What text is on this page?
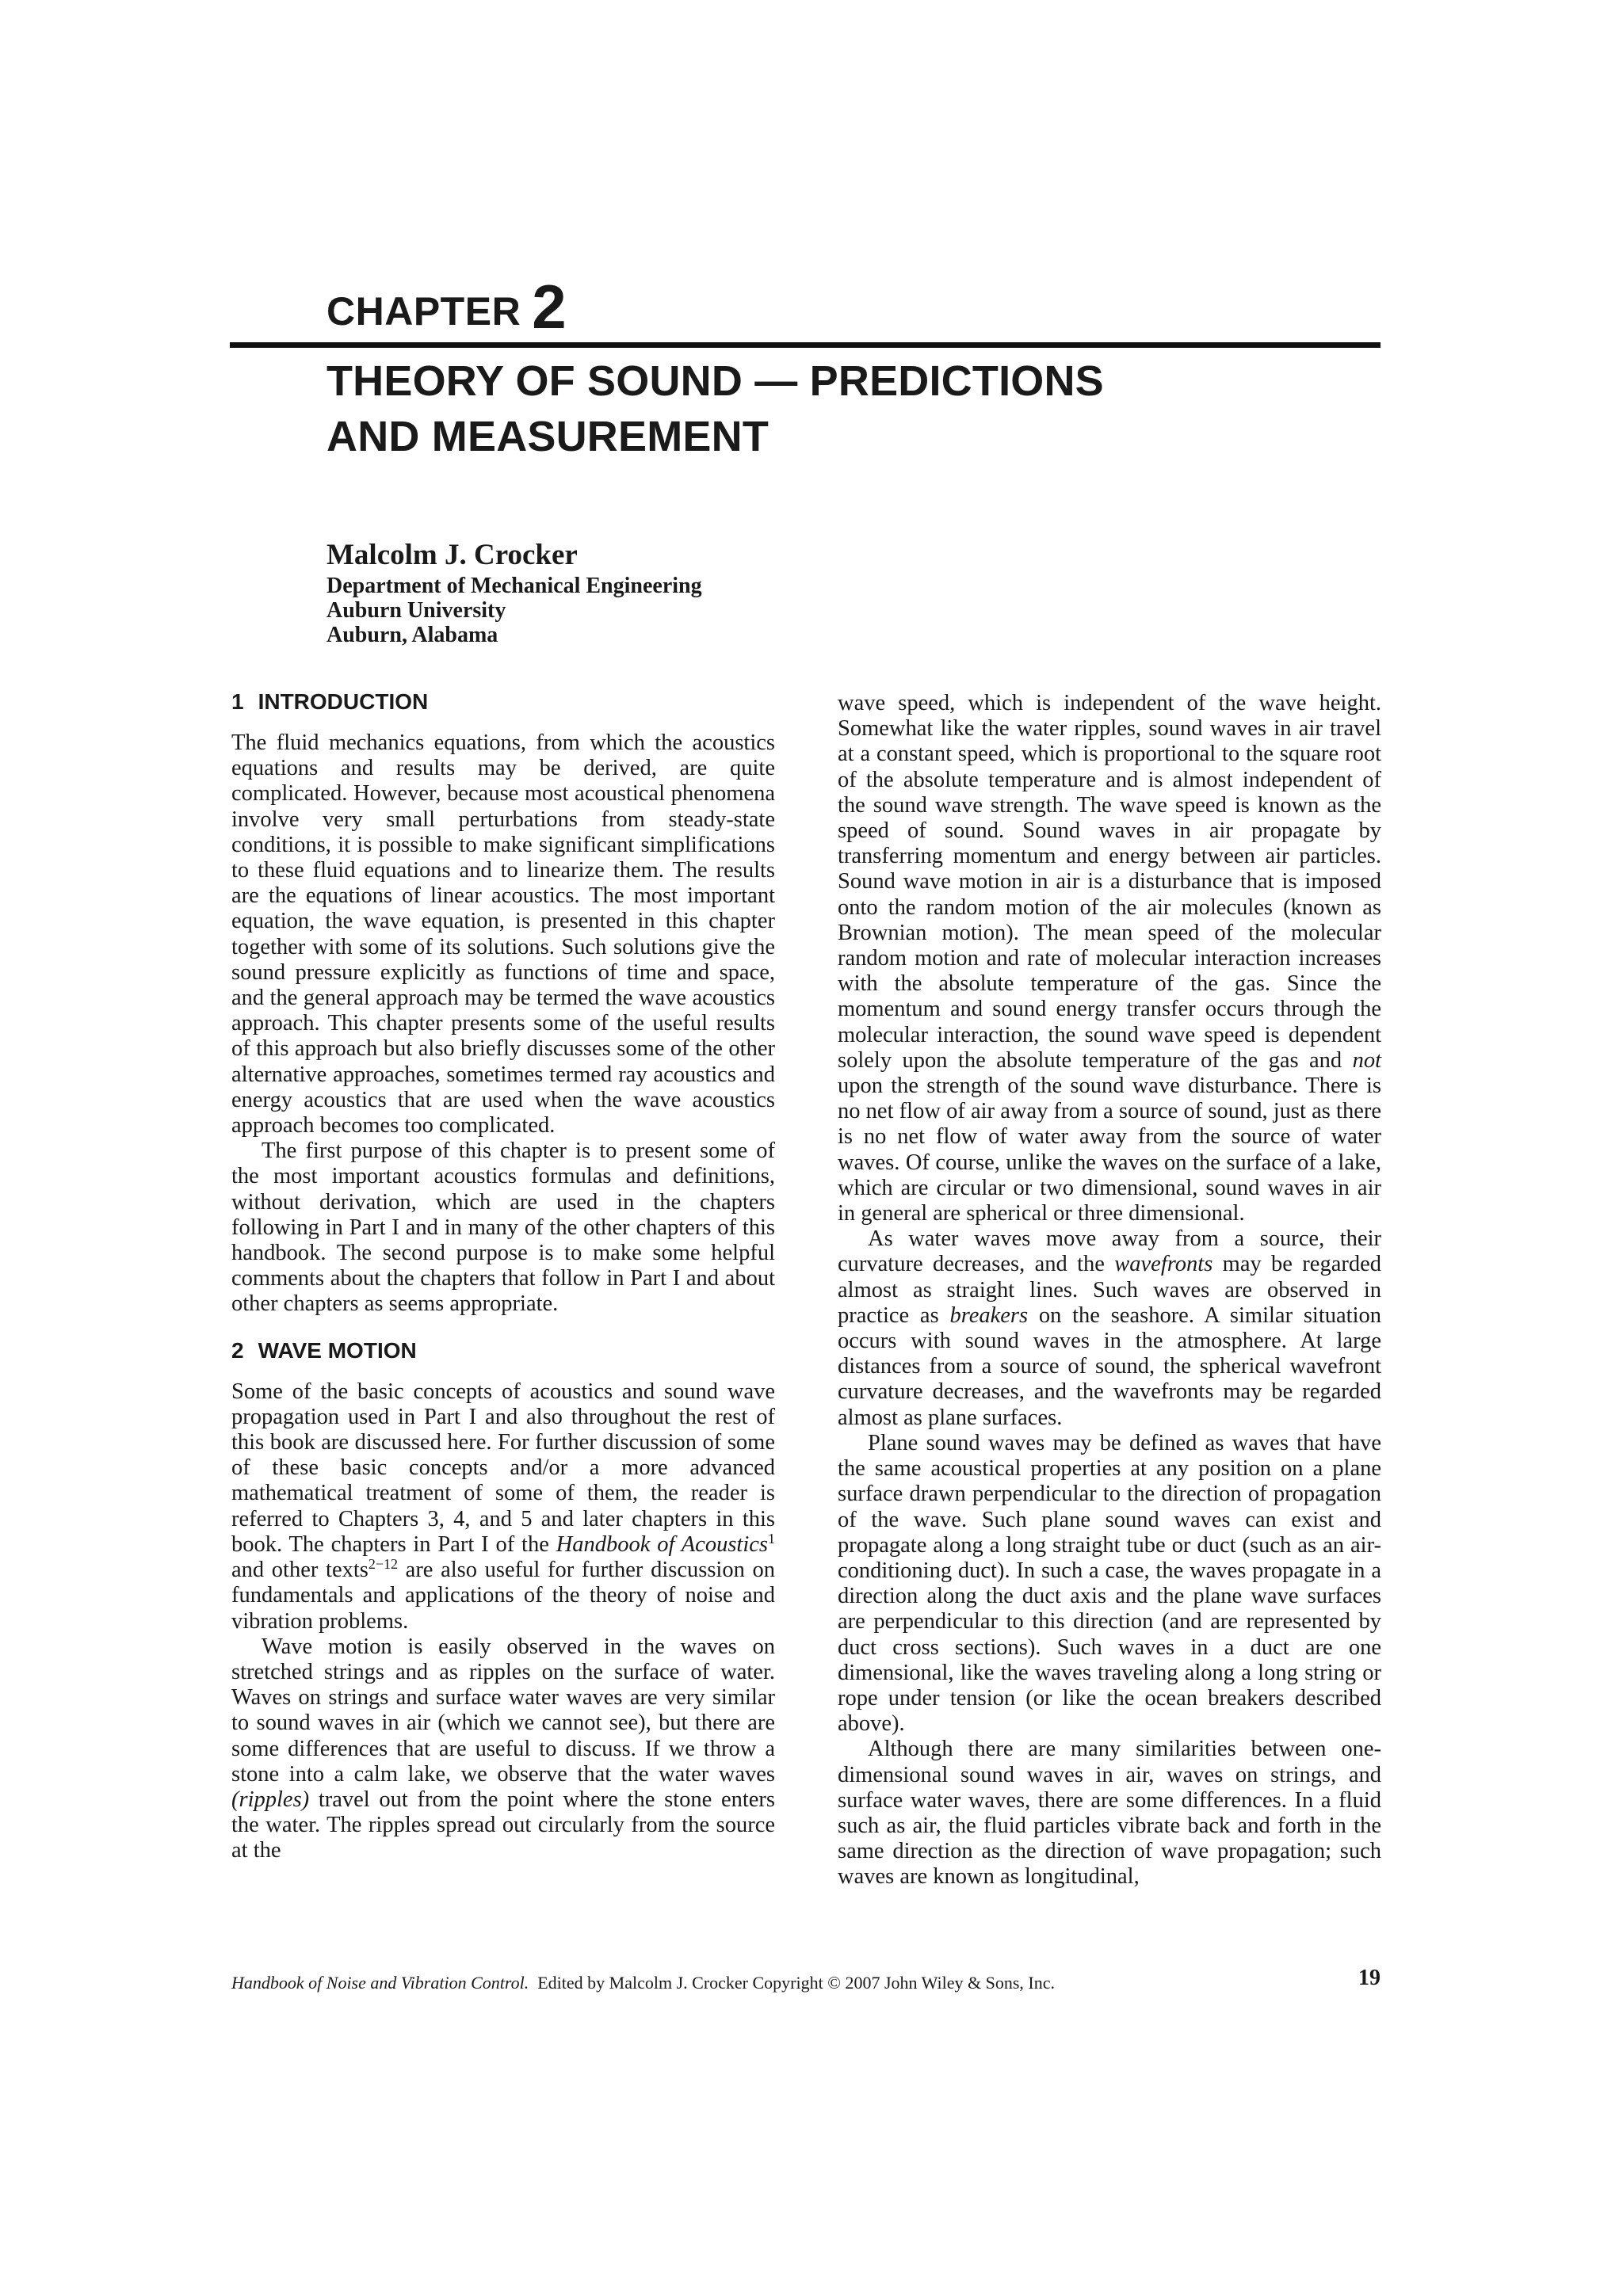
CHAPTER 2
THEORY OF SOUND — PREDICTIONS
AND MEASUREMENT
Malcolm J. Crocker
Department of Mechanical Engineering
Auburn University
Auburn, Alabama
1 INTRODUCTION

The fluid mechanics equations, from which the acoustics equations and results may be derived, are quite complicated. However, because most acoustical phenomena involve very small perturbations from steady-state conditions, it is possible to make significant simplifications to these fluid equations and to linearize them. The results are the equations of linear acoustics. The most important equation, the wave equation, is presented in this chapter together with some of its solutions. Such solutions give the sound pressure explicitly as functions of time and space, and the general approach may be termed the wave acoustics approach. This chapter presents some of the useful results of this approach but also briefly discusses some of the other alternative approaches, sometimes termed ray acoustics and energy acoustics that are used when the wave acoustics approach becomes too complicated.

The first purpose of this chapter is to present some of the most important acoustics formulas and definitions, without derivation, which are used in the chapters following in Part I and in many of the other chapters of this handbook. The second purpose is to make some helpful comments about the chapters that follow in Part I and about other chapters as seems appropriate.

2 WAVE MOTION

Some of the basic concepts of acoustics and sound wave propagation used in Part I and also throughout the rest of this book are discussed here. For further discussion of some of these basic concepts and/or a more advanced mathematical treatment of some of them, the reader is referred to Chapters 3, 4, and 5 and later chapters in this book. The chapters in Part I of the Handbook of Acoustics$^1$ and other texts$^{2-12}$ are also useful for further discussion on fundamentals and applications of the theory of noise and vibration problems.

Wave motion is easily observed in the waves on stretched strings and as ripples on the surface of water. Waves on strings and surface water waves are very similar to sound waves in air (which we cannot see), but there are some differences that are useful to discuss. If we throw a stone into a calm lake, we observe that the water waves (ripples) travel out from the point where the stone enters the water. The ripples spread out circularly from the source at the

wave speed, which is independent of the wave height. Somewhat like the water ripples, sound waves in air travel at a constant speed, which is proportional to the square root of the absolute temperature and is almost independent of the sound wave strength. The wave speed is known as the speed of sound. Sound waves in air propagate by transferring momentum and energy between air particles. Sound wave motion in air is a disturbance that is imposed onto the random motion of the air molecules (known as Brownian motion). The mean speed of the molecular random motion and rate of molecular interaction increases with the absolute temperature of the gas. Since the momentum and sound energy transfer occurs through the molecular interaction, the sound wave speed is dependent solely upon the absolute temperature of the gas and not upon the strength of the sound wave disturbance. There is no net flow of air away from a source of sound, just as there is no net flow of water away from the source of water waves. Of course, unlike the waves on the surface of a lake, which are circular or two dimensional, sound waves in air in general are spherical or three dimensional.

As water waves move away from a source, their curvature decreases, and the wavefronts may be regarded almost as straight lines. Such waves are observed in practice as breakers on the seashore. A similar situation occurs with sound waves in the atmosphere. At large distances from a source of sound, the spherical wavefront curvature decreases, and the wavefronts may be regarded almost as plane surfaces.

Plane sound waves may be defined as waves that have the same acoustical properties at any position on a plane surface drawn perpendicular to the direction of propagation of the wave. Such plane sound waves can exist and propagate along a long straight tube or duct (such as an air-conditioning duct). In such a case, the waves propagate in a direction along the duct axis and the plane wave surfaces are perpendicular to this direction (and are represented by duct cross sections). Such waves in a duct are one dimensional, like the waves traveling along a long string or rope under tension (or like the ocean breakers described above).

Although there are many similarities between one-dimensional sound waves in air, waves on strings, and surface water waves, there are some differences. In a fluid such as air, the fluid particles vibrate back and forth in the same direction as the direction of wave propagation; such waves are known as longitudinal,

Handbook of Noise and Vibration Control. Edited by Malcolm J. Crocker Copyright © 2007 John Wiley & Sons, Inc.	19
